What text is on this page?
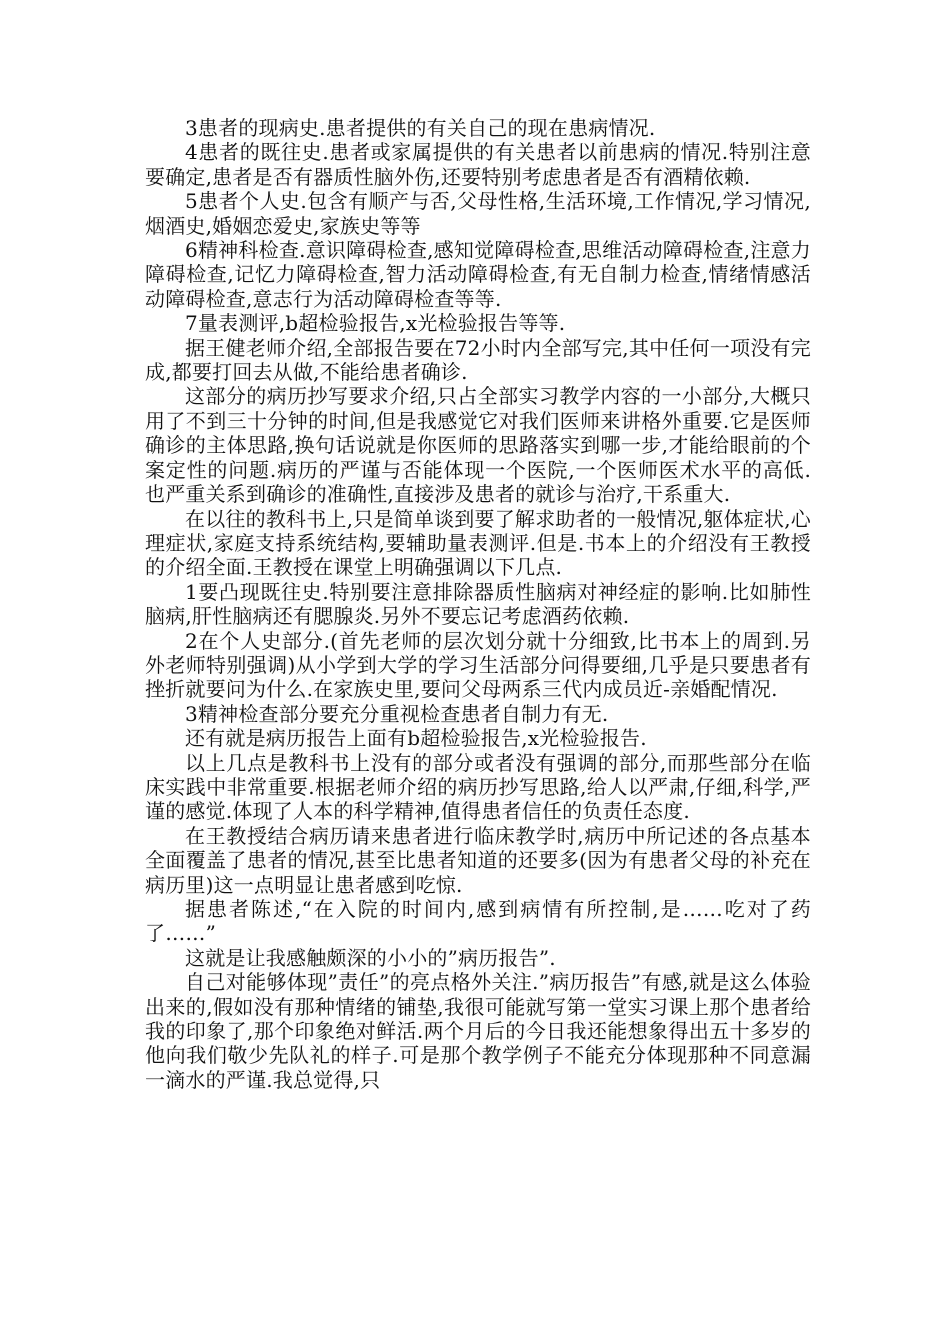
3患者的现病史.患者提供的有关自己的现在患病情况.

4患者的既往史.患者或家属提供的有关患者以前患病的情况.特别注意要确定,患者是否有器质性脑外伤,还要特别考虑患者是否有酒精依赖.

5患者个人史.包含有顺产与否,父母性格,生活环境,工作情况,学习情况,烟酒史,婚姻恋爱史,家族史等等

6精神科检查.意识障碍检查,感知觉障碍检查,思维活动障碍检查,注意力障碍检查,记忆力障碍检查,智力活动障碍检查,有无自制力检查,情绪情感活动障碍检查,意志行为活动障碍检查等等.

7量表测评,b超检验报告,x光检验报告等等.

据王健老师介绍,全部报告要在72小时内全部写完,其中任何一项没有完成,都要打回去从做,不能给患者确诊.

这部分的病历抄写要求介绍,只占全部实习教学内容的一小部分,大概只用了不到三十分钟的时间,但是我感觉它对我们医师来讲格外重要.它是医师确诊的主体思路,换句话说就是你医师的思路落实到哪一步,才能给眼前的个案定性的问题.病历的严谨与否能体现一个医院,一个医师医术水平的高低.也严重关系到确诊的准确性,直接涉及患者的就诊与治疗,干系重大.

在以往的教科书上,只是简单谈到要了解求助者的一般情况,躯体症状,心理症状,家庭支持系统结构,要辅助量表测评.但是.书本上的介绍没有王教授的介绍全面.王教授在课堂上明确强调以下几点.

1要凸现既往史.特别要注意排除器质性脑病对神经症的影响.比如肺性脑病,肝性脑病还有腮腺炎.另外不要忘记考虑酒药依赖.

2在个人史部分.(首先老师的层次划分就十分细致,比书本上的周到.另外老师特别强调)从小学到大学的学习生活部分问得要细,几乎是只要患者有挫折就要问为什么.在家族史里,要问父母两系三代内成员近-亲婚配情况.

3精神检查部分要充分重视检查患者自制力有无.

还有就是病历报告上面有b超检验报告,x光检验报告.

以上几点是教科书上没有的部分或者没有强调的部分,而那些部分在临床实践中非常重要.根据老师介绍的病历抄写思路,给人以严肃,仔细,科学,严谨的感觉.体现了人本的科学精神,值得患者信任的负责任态度.

在王教授结合病历请来患者进行临床教学时,病历中所记述的各点基本全面覆盖了患者的情况,甚至比患者知道的还要多(因为有患者父母的补充在病历里)这一点明显让患者感到吃惊.

据患者陈述,“在入院的时间内,感到病情有所控制,是……吃对了药了……”

这就是让我感触颇深的小小的”病历报告”.

自己对能够体现”责任”的亮点格外关注.”病历报告”有感,就是这么体验出来的,假如没有那种情绪的铺垫,我很可能就写第一堂实习课上那个患者给我的印象了,那个印象绝对鲜活.两个月后的今日我还能想象得出五十多岁的他向我们敬少先队礼的样子.可是那个教学例子不能充分体现那种不同意漏一滴水的严谨.我总觉得,只
